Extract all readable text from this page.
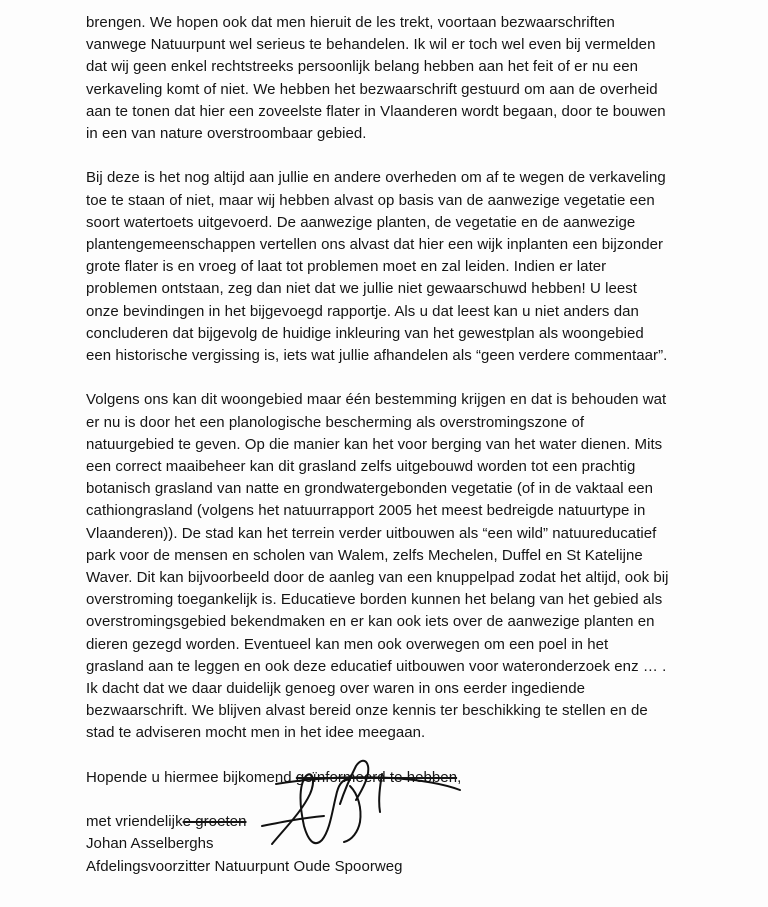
brengen. We hopen ook dat men hieruit de les trekt, voortaan bezwaarschriften
vanwege Natuurpunt wel serieus te behandelen. Ik wil er toch wel even bij vermelden
dat wij geen enkel rechtstreeks persoonlijk belang hebben aan het feit of er nu een
verkaveling komt of niet. We hebben het bezwaarschrift gestuurd om aan de overheid
aan te tonen dat hier een zoveelste flater in Vlaanderen wordt begaan, door te bouwen
in een van nature overstroombaar gebied.
Bij deze is het nog altijd aan jullie en andere overheden om af te wegen de verkaveling
toe te staan of niet, maar wij hebben alvast op basis van de aanwezige vegetatie een
soort watertoets uitgevoerd. De aanwezige planten, de vegetatie en de aanwezige
plantengemeenschappen vertellen ons alvast dat hier een wijk inplanten een bijzonder
grote flater is en vroeg of laat tot problemen moet en zal leiden. Indien er later
problemen ontstaan, zeg dan niet dat we jullie niet gewaarschuwd hebben! U leest
onze bevindingen in het bijgevoegd rapportje. Als u dat leest kan u niet anders dan
concluderen dat bijgevolg de huidige inkleuring van het gewestplan als woongebied
een historische vergissing is, iets wat jullie afhandelen als “geen verdere commentaar”.
Volgens ons kan dit woongebied maar één bestemming krijgen en dat is behouden wat
er nu is door het een planologische bescherming als overstromingszone of
natuurgebied te geven. Op die manier kan het voor berging van het water dienen. Mits
een correct maaibeheer kan dit grasland zelfs uitgebouwd worden tot een prachtig
botanisch grasland van natte en grondwatergebonden vegetatie (of in de vaktaal een
cathiongrasland (volgens het natuurrapport 2005 het meest bedreigde natuurtype in
Vlaanderen)). De stad kan het terrein verder uitbouwen als “een wild” natuureducatief
park voor de mensen en scholen van Walem, zelfs Mechelen, Duffel en St Katelijne
Waver. Dit kan bijvoorbeeld door de aanleg van een knuppelpad zodat het altijd, ook bij
overstroming toegankelijk is. Educatieve borden kunnen het belang van het gebied als
overstromingsgebied bekendmaken en er kan ook iets over de aanwezige planten en
dieren gezegd worden. Eventueel kan men ook overwegen om een poel in het
grasland aan te leggen en ook deze educatief uitbouwen voor wateronderzoek enz … .
Ik dacht dat we daar duidelijk genoeg over waren in ons eerder ingediende
bezwaarschrift. We blijven alvast bereid onze kennis ter beschikking te stellen en de
stad te adviseren mocht men in het idee meegaan.
Hopende u hiermee bijkomend geïnformeerd te hebben,
met vriendelijke groeten
Johan Asselberghs
Afdelingsvoorzitter Natuurpunt Oude Spoorweg
